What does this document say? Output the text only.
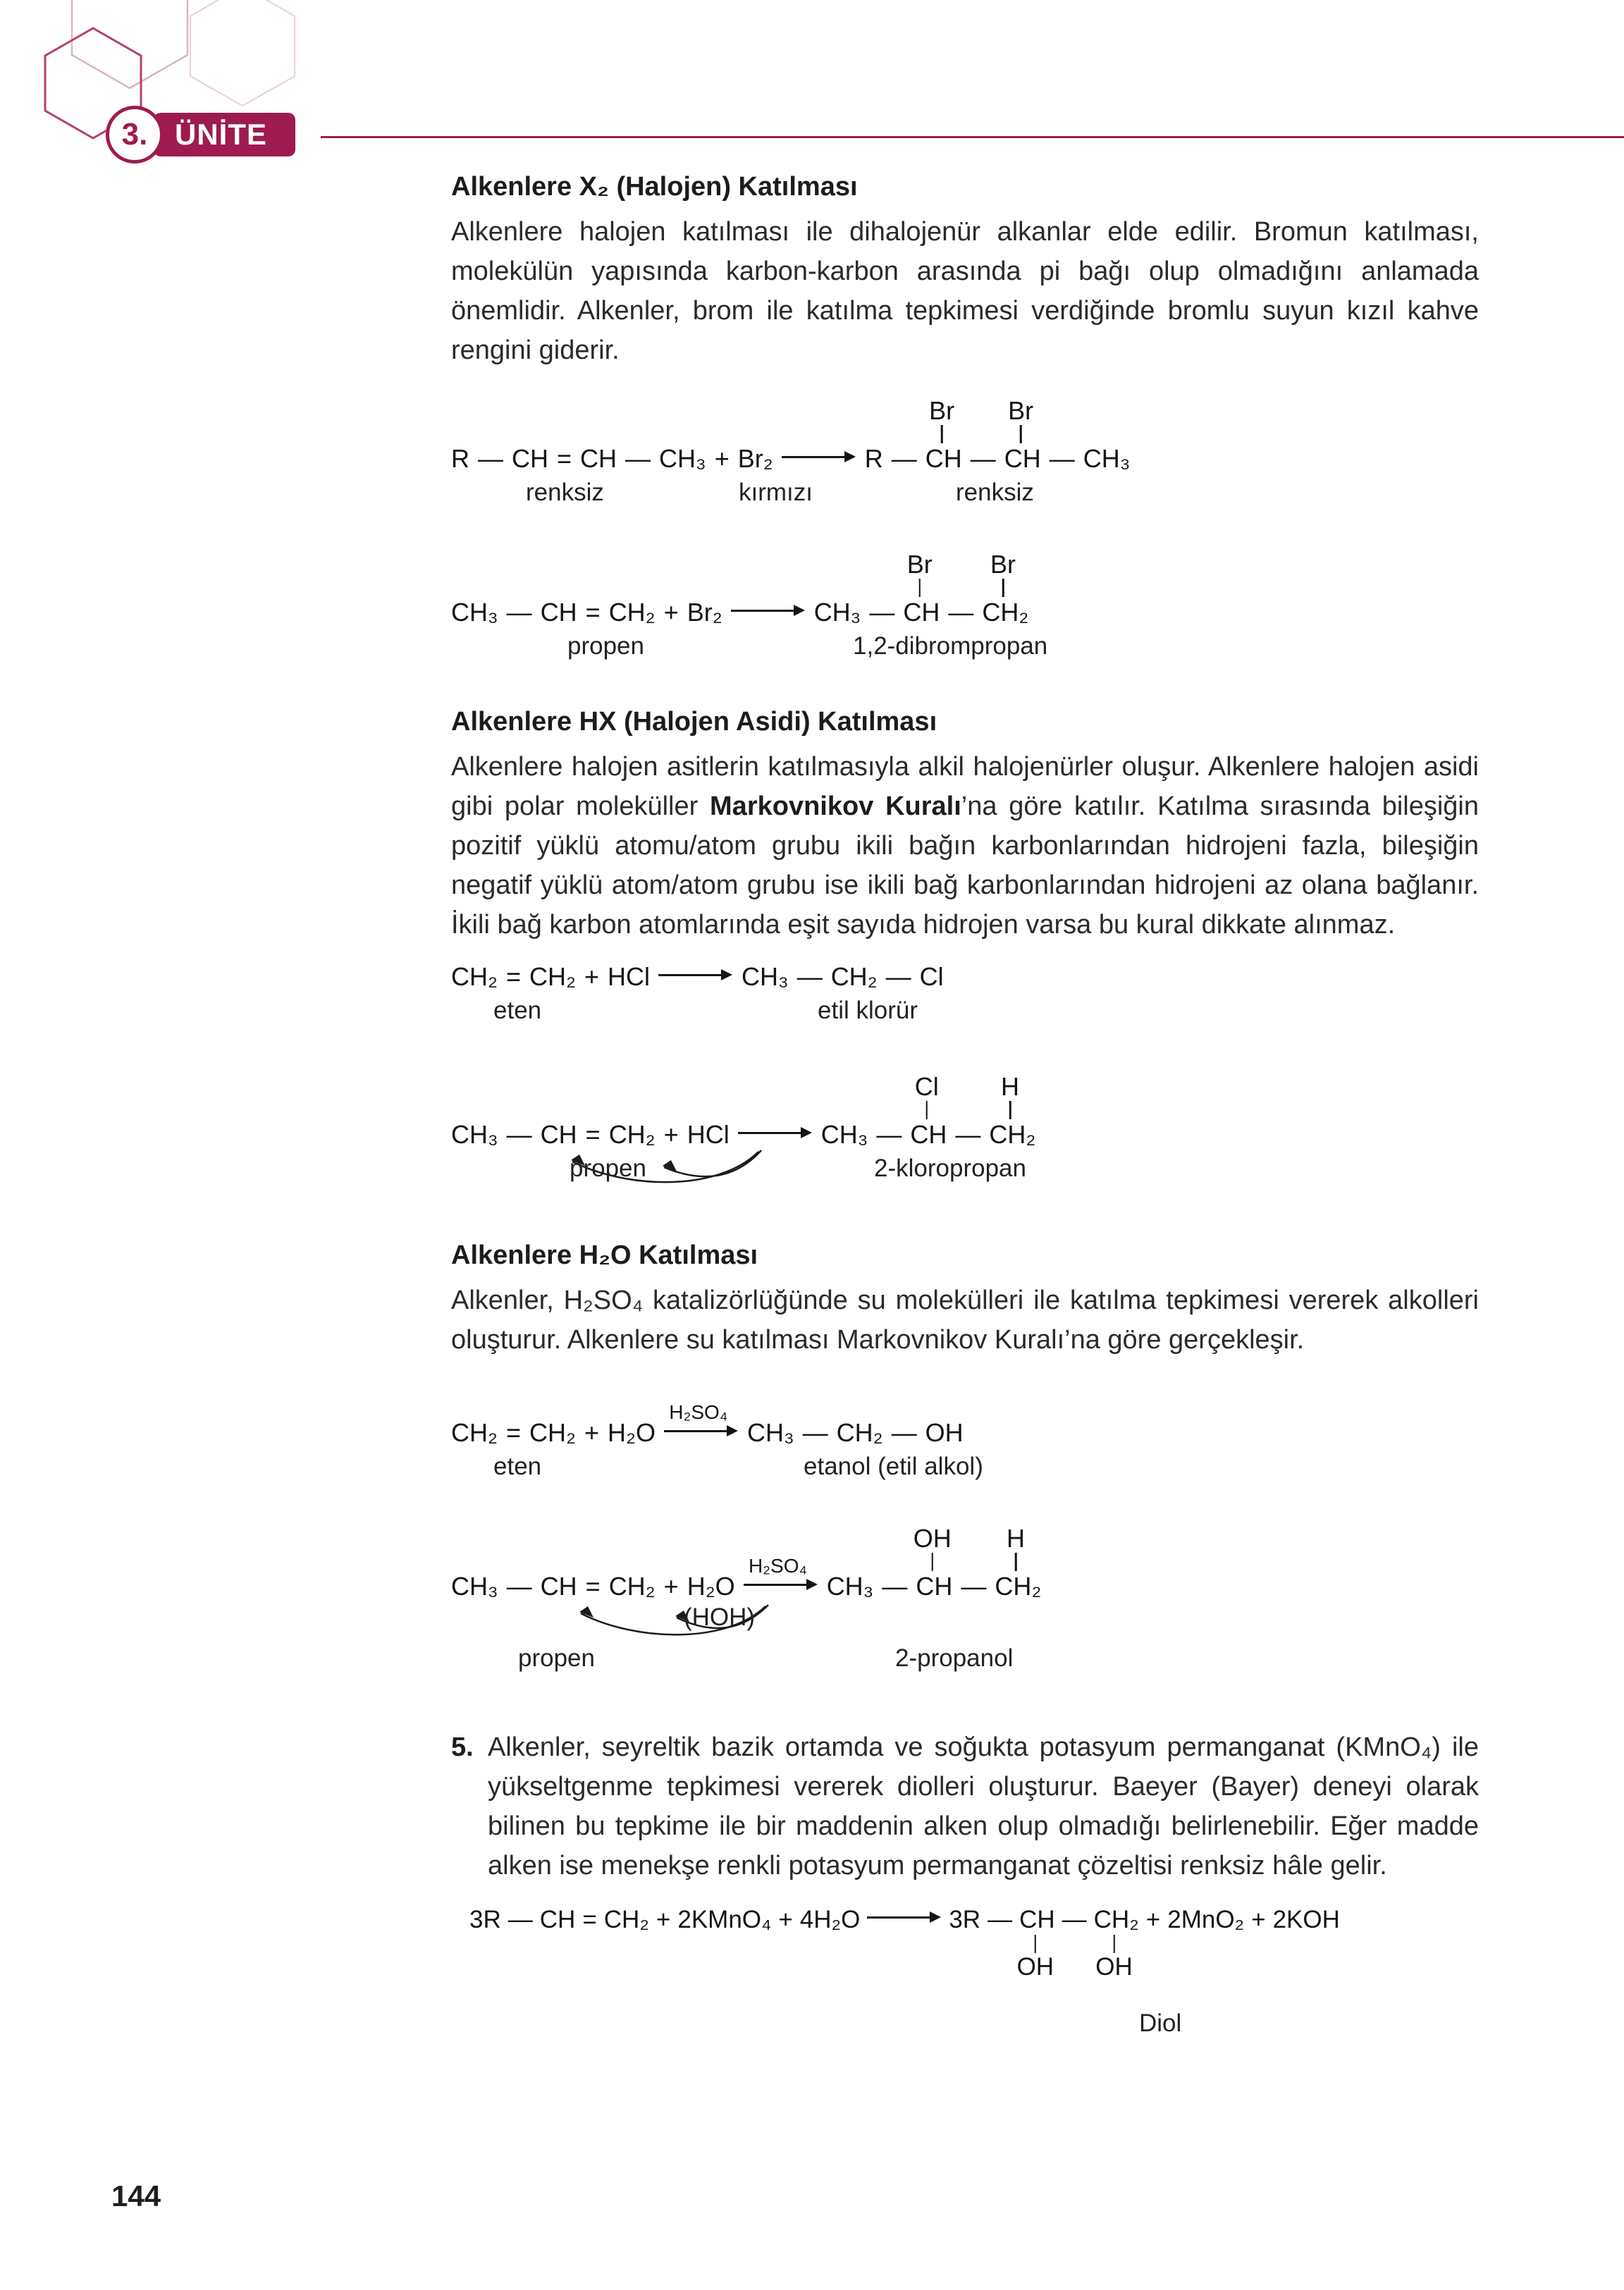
3. ÜNİTE
Alkenlere X₂ (Halojen) Katılması

Alkenlere halojen katılması ile dihalojenür alkanlar elde edilir. Bromun katılması, molekülün yapısında karbon-karbon arasında pi bağı olup olmadığını anlamada önemlidir. Alkenler, brom ile katılma tepkimesi verdiğinde bromlu suyun kızıl kahve rengini giderir.

R — CH = CH — CH₃ + Br₂ → R — CH
Br
— CH
Br
— CH₃
renksiz	kırmızı	renksiz
CH₃ — CH = CH₂ + Br₂ → CH₃ — CH
Br
— CH₂
Br
propen	1,2-dibrompropan
Alkenlere HX (Halojen Asidi) Katılması

Alkenlere halojen asitlerin katılmasıyla alkil halojenürler oluşur. Alkenlere halojen asidi gibi polar moleküller Markovnikov Kuralı’na göre katılır. Katılma sırasında bileşiğin pozitif yüklü atomu/atom grubu ikili bağın karbonlarından hidrojeni fazla, bileşiğin negatif yüklü atom/atom grubu ise ikili bağ karbonlarından hidrojeni az olana bağlanır. İkili bağ karbon atomlarında eşit sayıda hidrojen varsa bu kural dikkate alınmaz.

CH₂ = CH₂ + HCl → CH₃ — CH₂ — Cl
eten	etil klorür
CH₃ — CH = CH₂ + HCl → CH₃ — CH
Cl
— CH₂
H
propen	2-kloropropan
Alkenlere H₂O Katılması

Alkenler, H₂SO₄ katalizörlüğünde su molekülleri ile katılma tepkimesi vererek alkolleri oluşturur. Alkenlere su katılması Markovnikov Kuralı’na göre gerçekleşir.

CH₂ = CH₂ + H₂O
H₂SO₄
CH₃ — CH₂ — OH
eten	etanol (etil alkol)
CH₃ — CH = CH₂ + H₂O
H₂SO₄
CH₃ — CH
OH
— CH₂
H
(HOH)
propen	2-propanol
5. Alkenler, seyreltik bazik ortamda ve soğukta potasyum permanganat (KMnO₄) ile yükseltgenme tepkimesi vererek diolleri oluşturur. Baeyer (Bayer) deneyi olarak bilinen bu tepkime ile bir maddenin alken olup olmadığı belirlenebilir. Eğer madde alken ise menekşe renkli potasyum permanganat çözeltisi renksiz hâle gelir.

3R — CH = CH₂ + 2KMnO₄ + 4H₂O → 3R — CH
OH
— CH₂
OH
+ 2MnO₂ + 2KOH
Diol
144
